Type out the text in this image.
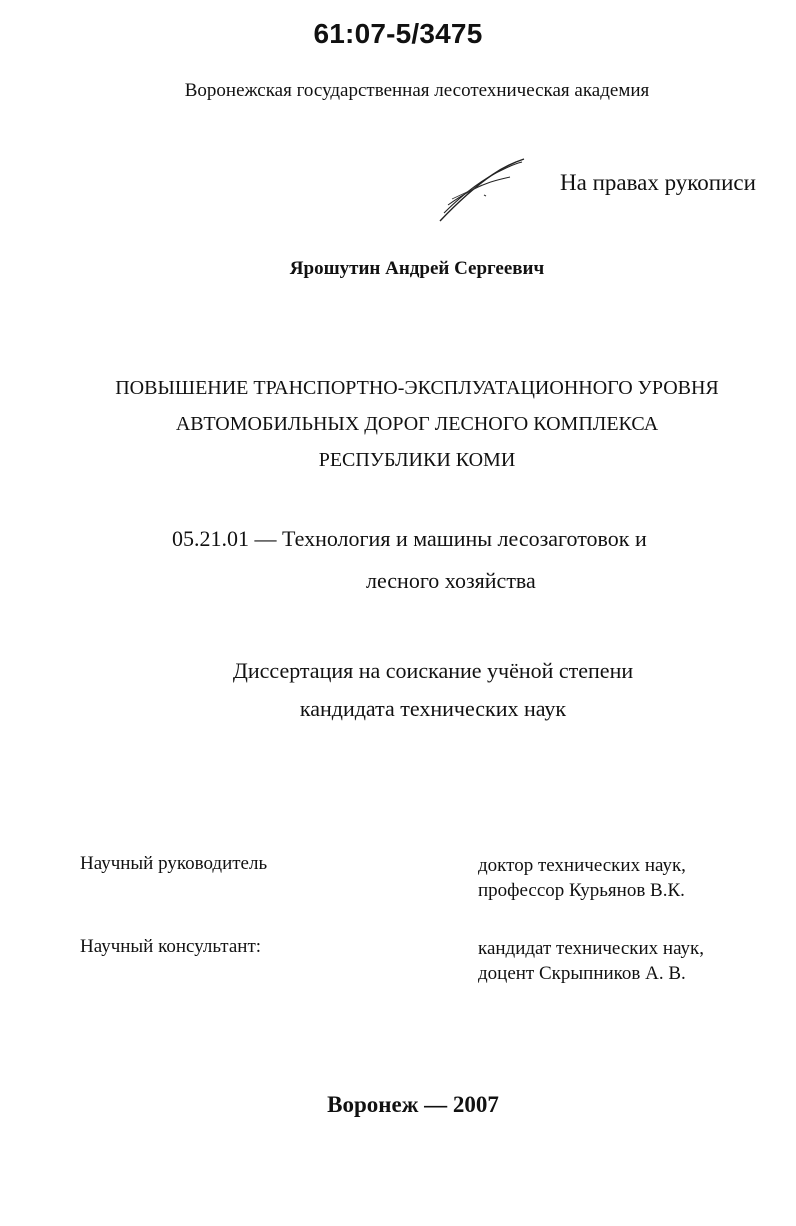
61:07-5/3475
Воронежская государственная лесотехническая академия
На правах рукописи
Ярошутин Андрей Сергеевич
ПОВЫШЕНИЕ ТРАНСПОРТНО-ЭКСПЛУАТАЦИОННОГО УРОВНЯ
АВТОМОБИЛЬНЫХ ДОРОГ ЛЕСНОГО КОМПЛЕКСА
РЕСПУБЛИКИ КОМИ
05.21.01 — Технология и машины лесозаготовок и
лесного хозяйства
Диссертация на соискание учёной степени
кандидата технических наук
Научный руководитель	доктор технических наук,
профессор Курьянов В.К.
Научный консультант:	кандидат технических наук,
доцент Скрыпников А. В.
Воронеж — 2007
